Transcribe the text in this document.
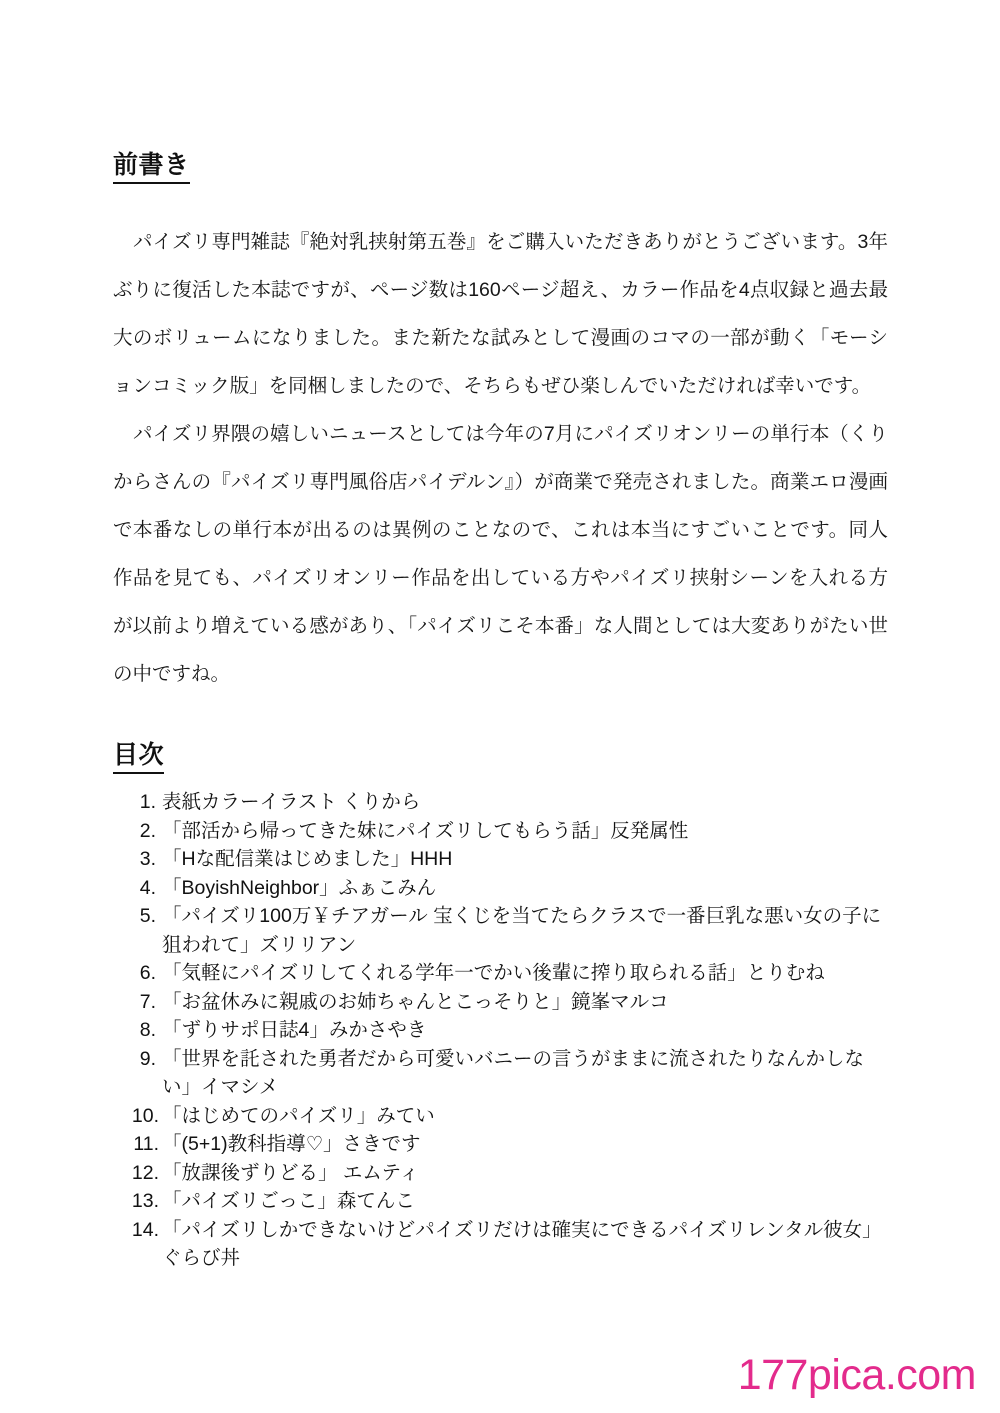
前書き

パイズリ専門雑誌『絶対乳挟射第五巻』をご購入いただきありがとうございます。3年ぶりに復活した本誌ですが、ページ数は160ページ超え、カラー作品を4点収録と過去最大のボリュームになりました。また新たな試みとして漫画のコマの一部が動く「モーションコミック版」を同梱しましたので、そちらもぜひ楽しんでいただければ幸いです。

パイズリ界隈の嬉しいニュースとしては今年の7月にパイズリオンリーの単行本（くりからさんの『パイズリ専門風俗店パイデルン』）が商業で発売されました。商業エロ漫画で本番なしの単行本が出るのは異例のことなので、これは本当にすごいことです。同人作品を見ても、パイズリオンリー作品を出している方やパイズリ挟射シーンを入れる方が以前より増えている感があり、「パイズリこそ本番」な人間としては大変ありがたい世の中ですね。

目次
1. 表紙カラーイラスト くりから
2. 「部活から帰ってきた妹にパイズリしてもらう話」反発属性
3. 「Hな配信業はじめました」HHH
4. 「BoyishNeighbor」ふぁこみん
5. 「パイズリ100万￥チアガール 宝くじを当てたらクラスで一番巨乳な悪い女の子に狙われて」ズリリアン
6. 「気軽にパイズリしてくれる学年一でかい後輩に搾り取られる話」とりむね
7. 「お盆休みに親戚のお姉ちゃんとこっそりと」鏡峯マルコ
8. 「ずりサポ日誌4」みかさやき
9. 「世界を託された勇者だから可愛いバニーの言うがままに流されたりなんかしない」イマシメ
10. 「はじめてのパイズリ」みてい
11. 「(5+1)教科指導♡」さきです
12. 「放課後ずりどる」 エムティ
13. 「パイズリごっこ」森てんこ
14. 「パイズリしかできないけどパイズリだけは確実にできるパイズリレンタル彼女」ぐらび丼
177pica.com
